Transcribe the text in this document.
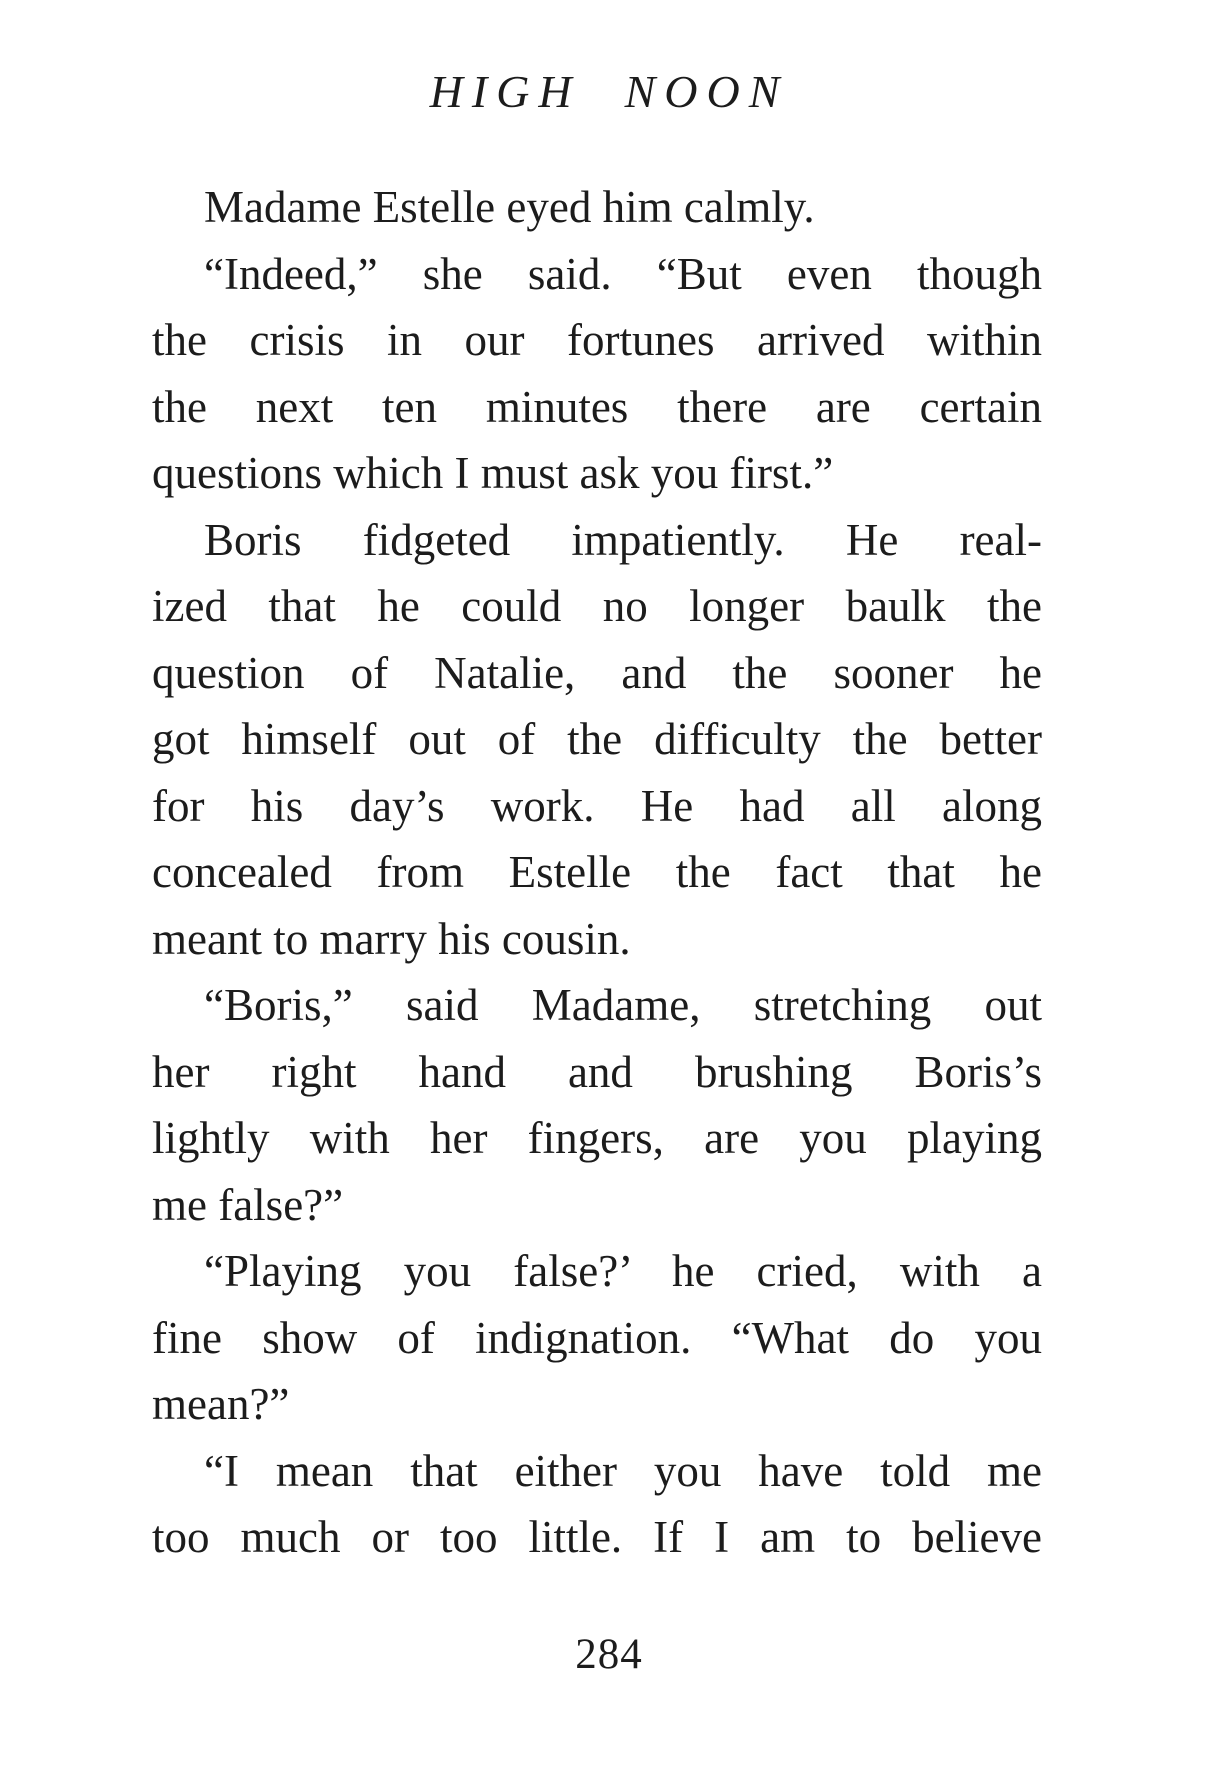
HIGH NOON
Madame Estelle eyed him calmly.
“Indeed,” she said. “But even though
the crisis in our fortunes arrived within
the next ten minutes there are certain
questions which I must ask you first.”
Boris fidgeted impatiently. He real-
ized that he could no longer baulk the
question of Natalie, and the sooner he
got himself out of the difficulty the better
for his day’s work. He had all along
concealed from Estelle the fact that he
meant to marry his cousin.
“Boris,” said Madame, stretching out
her right hand and brushing Boris’s
lightly with her fingers, are you playing
me false?”
“Playing you false?’ he cried, with a
fine show of indignation. “What do you
mean?”
“I mean that either you have told me
too much or too little. If I am to believe
284
